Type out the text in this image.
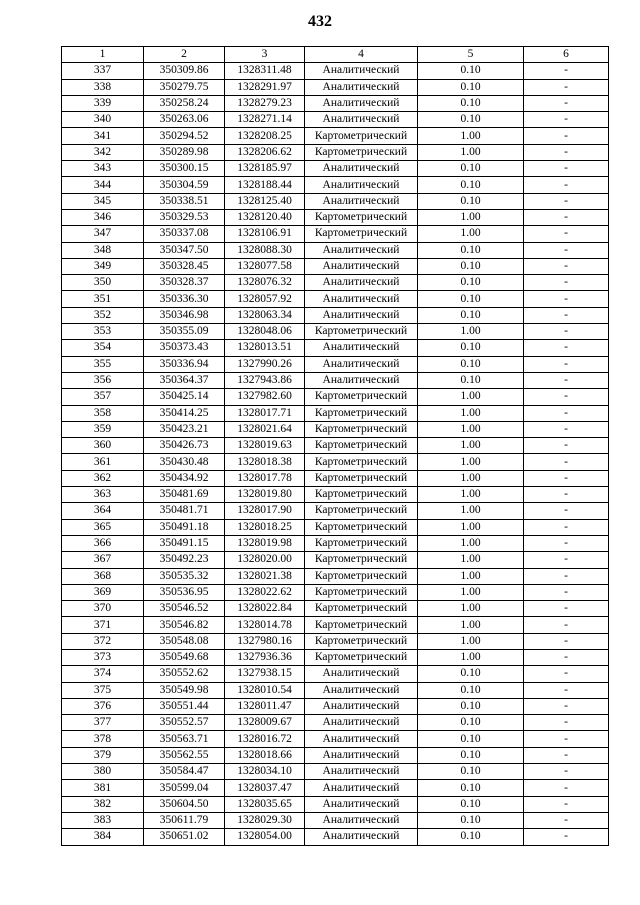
432
1	2	3	4	5	6
337	350309.86	1328311.48	Аналитический	0.10	-
338	350279.75	1328291.97	Аналитический	0.10	-
339	350258.24	1328279.23	Аналитический	0.10	-
340	350263.06	1328271.14	Аналитический	0.10	-
341	350294.52	1328208.25	Картометрический	1.00	-
342	350289.98	1328206.62	Картометрический	1.00	-
343	350300.15	1328185.97	Аналитический	0.10	-
344	350304.59	1328188.44	Аналитический	0.10	-
345	350338.51	1328125.40	Аналитический	0.10	-
346	350329.53	1328120.40	Картометрический	1.00	-
347	350337.08	1328106.91	Картометрический	1.00	-
348	350347.50	1328088.30	Аналитический	0.10	-
349	350328.45	1328077.58	Аналитический	0.10	-
350	350328.37	1328076.32	Аналитический	0.10	-
351	350336.30	1328057.92	Аналитический	0.10	-
352	350346.98	1328063.34	Аналитический	0.10	-
353	350355.09	1328048.06	Картометрический	1.00	-
354	350373.43	1328013.51	Аналитический	0.10	-
355	350336.94	1327990.26	Аналитический	0.10	-
356	350364.37	1327943.86	Аналитический	0.10	-
357	350425.14	1327982.60	Картометрический	1.00	-
358	350414.25	1328017.71	Картометрический	1.00	-
359	350423.21	1328021.64	Картометрический	1.00	-
360	350426.73	1328019.63	Картометрический	1.00	-
361	350430.48	1328018.38	Картометрический	1.00	-
362	350434.92	1328017.78	Картометрический	1.00	-
363	350481.69	1328019.80	Картометрический	1.00	-
364	350481.71	1328017.90	Картометрический	1.00	-
365	350491.18	1328018.25	Картометрический	1.00	-
366	350491.15	1328019.98	Картометрический	1.00	-
367	350492.23	1328020.00	Картометрический	1.00	-
368	350535.32	1328021.38	Картометрический	1.00	-
369	350536.95	1328022.62	Картометрический	1.00	-
370	350546.52	1328022.84	Картометрический	1.00	-
371	350546.82	1328014.78	Картометрический	1.00	-
372	350548.08	1327980.16	Картометрический	1.00	-
373	350549.68	1327936.36	Картометрический	1.00	-
374	350552.62	1327938.15	Аналитический	0.10	-
375	350549.98	1328010.54	Аналитический	0.10	-
376	350551.44	1328011.47	Аналитический	0.10	-
377	350552.57	1328009.67	Аналитический	0.10	-
378	350563.71	1328016.72	Аналитический	0.10	-
379	350562.55	1328018.66	Аналитический	0.10	-
380	350584.47	1328034.10	Аналитический	0.10	-
381	350599.04	1328037.47	Аналитический	0.10	-
382	350604.50	1328035.65	Аналитический	0.10	-
383	350611.79	1328029.30	Аналитический	0.10	-
384	350651.02	1328054.00	Аналитический	0.10	-
